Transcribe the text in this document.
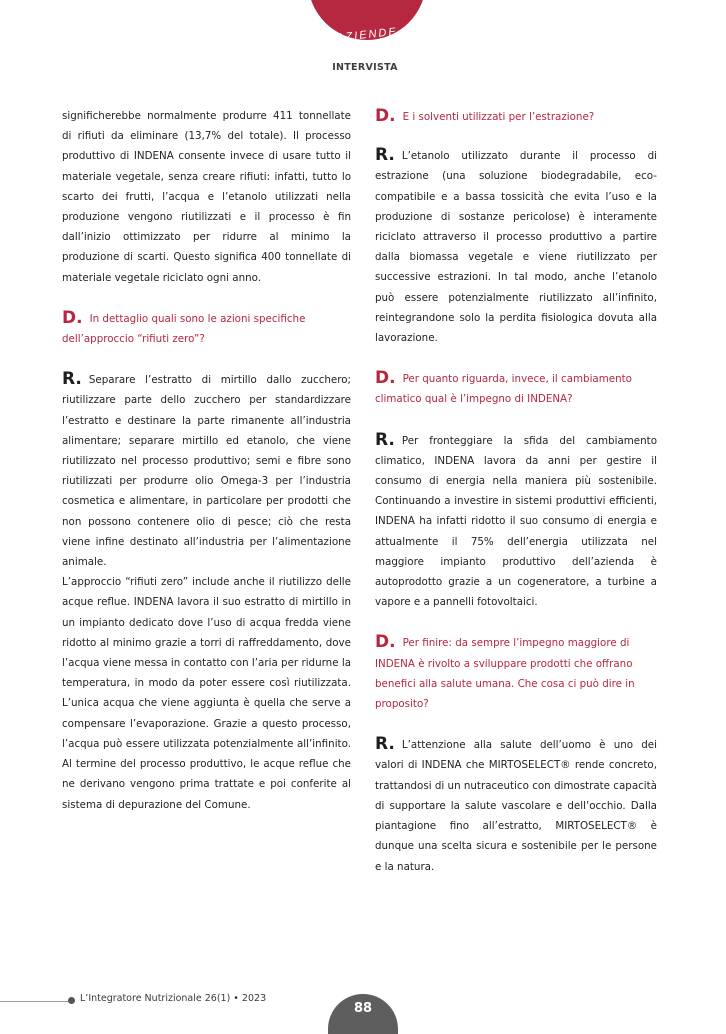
AZIENDE
INTERVISTA

significherebbe normalmente produrre 411 tonnellate di rifiuti da eliminare (13,7% del totale). Il processo produttivo di INDENA consente invece di usare tutto il materiale vegetale, senza creare rifiuti: infatti, tutto lo scarto dei frutti, l’acqua e l’etanolo utilizzati nella produzione vengono riutilizzati e il processo è fin dall’inizio ottimizzato per ridurre al minimo la produzione di scarti. Questo significa 400 tonnellate di materiale vegetale riciclato ogni anno.

D. In dettaglio quali sono le azioni specifiche dell’approccio “rifiuti zero”?

R. Separare l’estratto di mirtillo dallo zucchero; riutilizzare parte dello zucchero per standardizzare l’estratto e destinare la parte rimanente all’industria alimentare; separare mirtillo ed etanolo, che viene riutilizzato nel processo produttivo; semi e fibre sono riutilizzati per produrre olio Omega-3 per l’industria cosmetica e alimentare, in particolare per prodotti che non possono contenere olio di pesce; ciò che resta viene infine destinato all’industria per l’alimentazione animale.

L’approccio “rifiuti zero” include anche il riutilizzo delle acque reflue. INDENA lavora il suo estratto di mirtillo in un impianto dedicato dove l’uso di acqua fredda viene ridotto al minimo grazie a torri di raffreddamento, dove l’acqua viene messa in contatto con l’aria per ridurne la temperatura, in modo da poter essere così riutilizzata. L’unica acqua che viene aggiunta è quella che serve a compensare l’evaporazione. Grazie a questo processo, l’acqua può essere utilizzata potenzialmente all’infinito. Al termine del processo produttivo, le acque reflue che ne derivano vengono prima trattate e poi conferite al sistema di depurazione del Comune.

D. E i solventi utilizzati per l’estrazione?

R. L’etanolo utilizzato durante il processo di estrazione (una soluzione biodegradabile, eco-compatibile e a bassa tossicità che evita l’uso e la produzione di sostanze pericolose) è interamente riciclato attraverso il processo produttivo a partire dalla biomassa vegetale e viene riutilizzato per successive estrazioni. In tal modo, anche l’etanolo può essere potenzialmente riutilizzato all’infinito, reintegrandone solo la perdita fisiologica dovuta alla lavorazione.

D. Per quanto riguarda, invece, il cambiamento climatico qual è l’impegno di INDENA?

R. Per fronteggiare la sfida del cambiamento climatico, INDENA lavora da anni per gestire il consumo di energia nella maniera più sostenibile. Continuando a investire in sistemi produttivi efficienti, INDENA ha infatti ridotto il suo consumo di energia e attualmente il 75% dell’energia utilizzata nel maggiore impianto produttivo dell’azienda è autoprodotto grazie a un cogeneratore, a turbine a vapore e a pannelli fotovoltaici.

D. Per finire: da sempre l’impegno maggiore di INDENA è rivolto a sviluppare prodotti che offrano benefici alla salute umana. Che cosa ci può dire in proposito?

R. L’attenzione alla salute dell’uomo è uno dei valori di INDENA che MIRTOSELECT® rende concreto, trattandosi di un nutraceutico con dimostrate capacità di supportare la salute vascolare e dell’occhio. Dalla piantagione fino all’estratto, MIRTOSELECT® è dunque una scelta sicura e sostenibile per le persone e la natura.

L’Integratore Nutrizionale 26(1) • 2023
88
